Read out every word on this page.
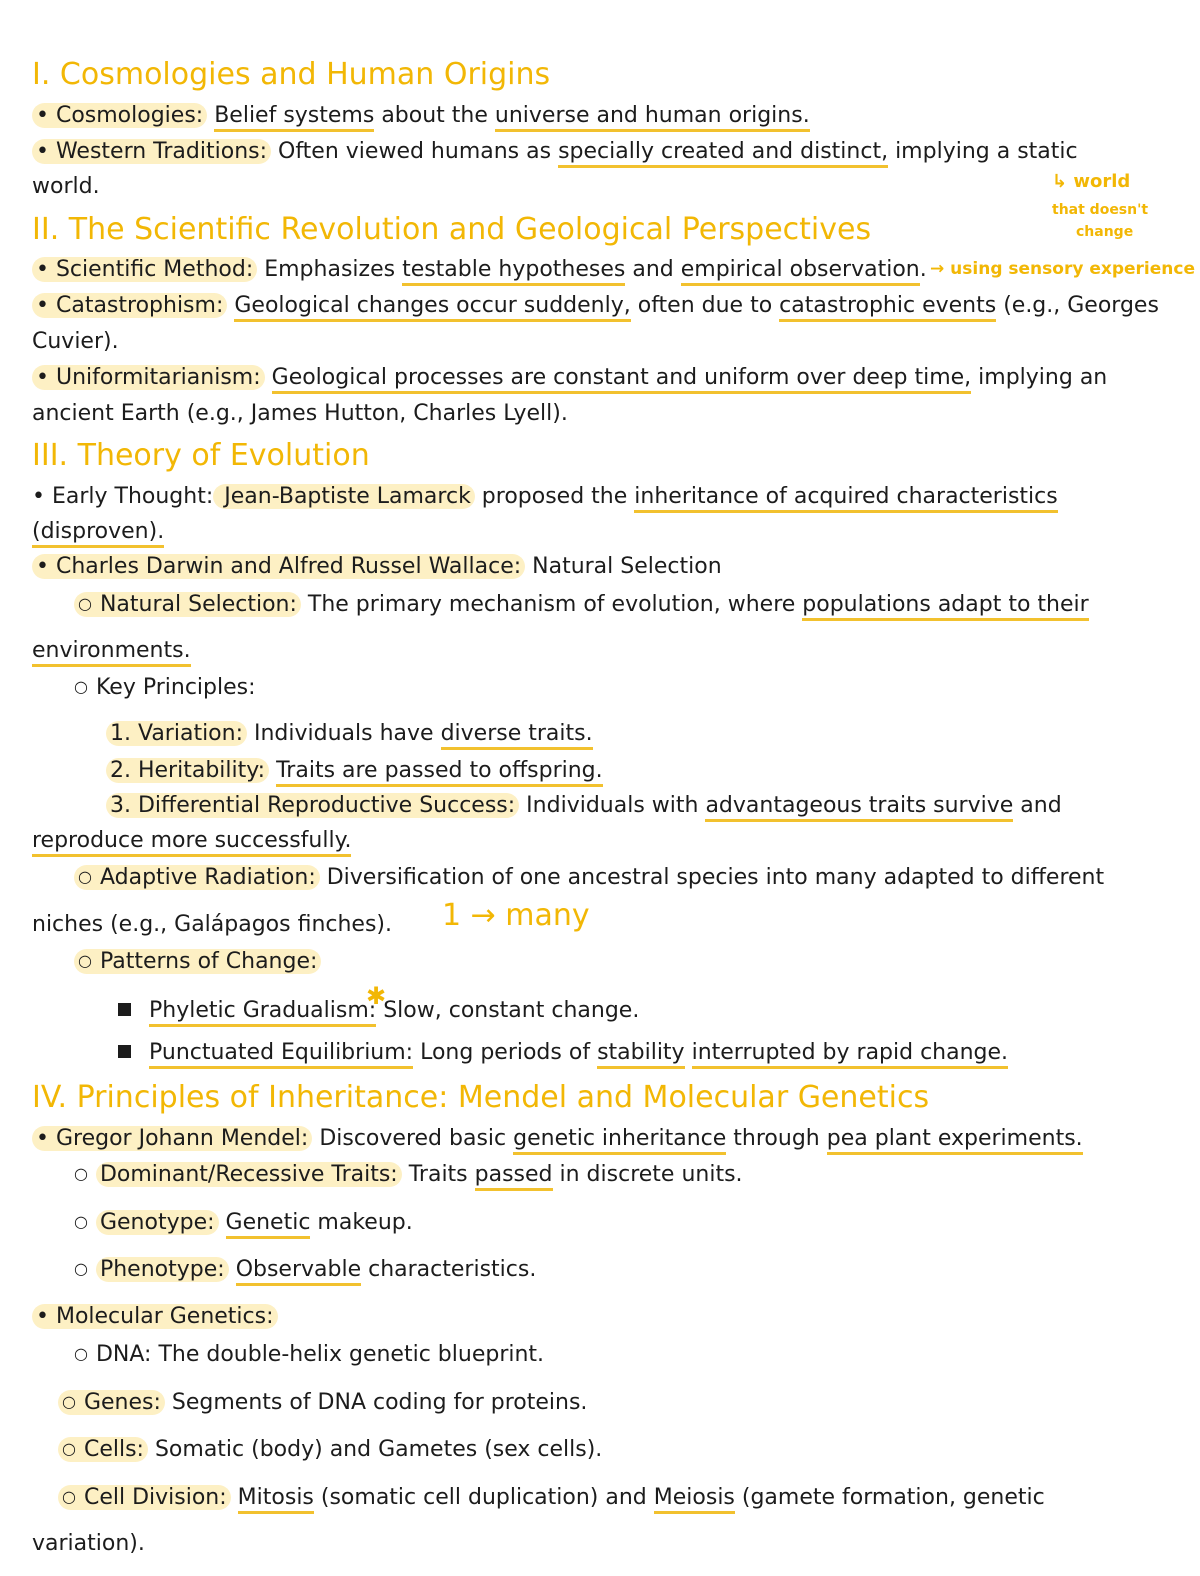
I. Cosmologies and Human Origins
• Cosmologies: Belief systems about the universe and human origins.
• Western Traditions: Often viewed humans as specially created and distinct, implying a static
world.
II. The Scientific Revolution and Geological Perspectives
• Scientific Method: Emphasizes testable hypotheses and empirical observation.
• Catastrophism: Geological changes occur suddenly, often due to catastrophic events (e.g., Georges
Cuvier).
• Uniformitarianism: Geological processes are constant and uniform over deep time, implying an
ancient Earth (e.g., James Hutton, Charles Lyell).
III. Theory of Evolution
• Early Thought: Jean-Baptiste Lamarck proposed the inheritance of acquired characteristics
(disproven).
• Charles Darwin and Alfred Russel Wallace: Natural Selection
○ Natural Selection: The primary mechanism of evolution, where populations adapt to their
environments.
○ Key Principles:
1. Variation: Individuals have diverse traits.
2. Heritability: Traits are passed to offspring.
3. Differential Reproductive Success: Individuals with advantageous traits survive and
reproduce more successfully.
○ Adaptive Radiation: Diversification of one ancestral species into many adapted to different
niches (e.g., Galápagos finches).
○ Patterns of Change:
Phyletic Gradualism: Slow, constant change.
Punctuated Equilibrium: Long periods of stability interrupted by rapid change.
IV. Principles of Inheritance: Mendel and Molecular Genetics
• Gregor Johann Mendel: Discovered basic genetic inheritance through pea plant experiments.
○ Dominant/Recessive Traits: Traits passed in discrete units.
○ Genotype: Genetic makeup.
○ Phenotype: Observable characteristics.
• Molecular Genetics:
○ DNA: The double-helix genetic blueprint.
○ Genes: Segments of DNA coding for proteins.
○ Cells: Somatic (body) and Gametes (sex cells).
○ Cell Division: Mitosis (somatic cell duplication) and Meiosis (gamete formation, genetic
variation).
↳ world
that doesn't
change
→ using sensory experience
1 → many
✱
